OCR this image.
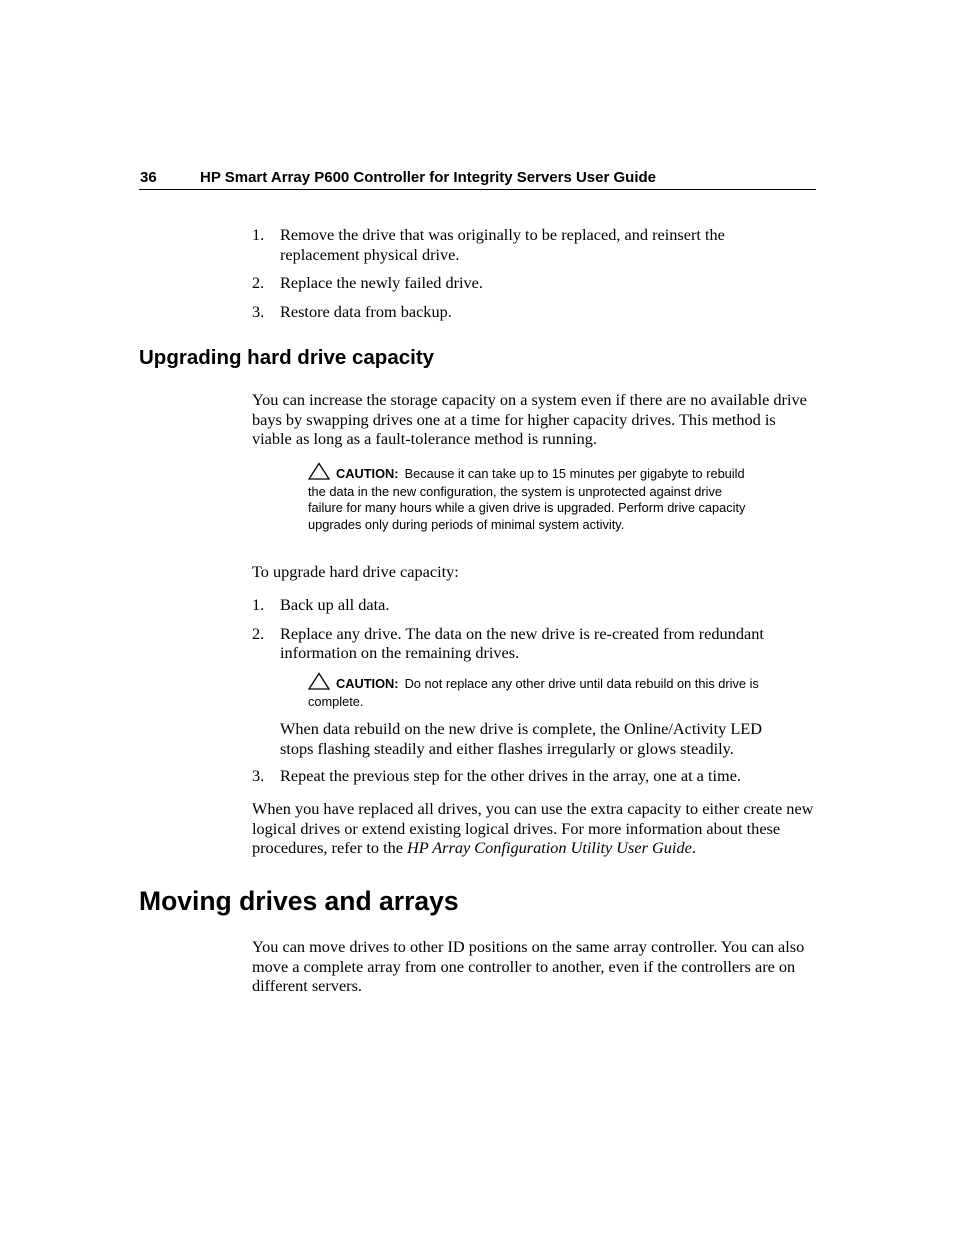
36	HP Smart Array P600 Controller for Integrity Servers User Guide
1. Remove the drive that was originally to be replaced, and reinsert the replacement physical drive.
2. Replace the newly failed drive.
3. Restore data from backup.
Upgrading hard drive capacity

You can increase the storage capacity on a system even if there are no available drive bays by swapping drives one at a time for higher capacity drives. This method is viable as long as a fault-tolerance method is running.

CAUTION: Because it can take up to 15 minutes per gigabyte to rebuild the data in the new configuration, the system is unprotected against drive failure for many hours while a given drive is upgraded. Perform drive capacity upgrades only during periods of minimal system activity.

To upgrade hard drive capacity:

1. Back up all data.
2. Replace any drive. The data on the new drive is re-created from redundant information on the remaining drives.
CAUTION: Do not replace any other drive until data rebuild on this drive is complete.

When data rebuild on the new drive is complete, the Online/Activity LED stops flashing steadily and either flashes irregularly or glows steadily.

3. Repeat the previous step for the other drives in the array, one at a time.

When you have replaced all drives, you can use the extra capacity to either create new logical drives or extend existing logical drives. For more information about these procedures, refer to the HP Array Configuration Utility User Guide.

Moving drives and arrays

You can move drives to other ID positions on the same array controller. You can also move a complete array from one controller to another, even if the controllers are on different servers.
